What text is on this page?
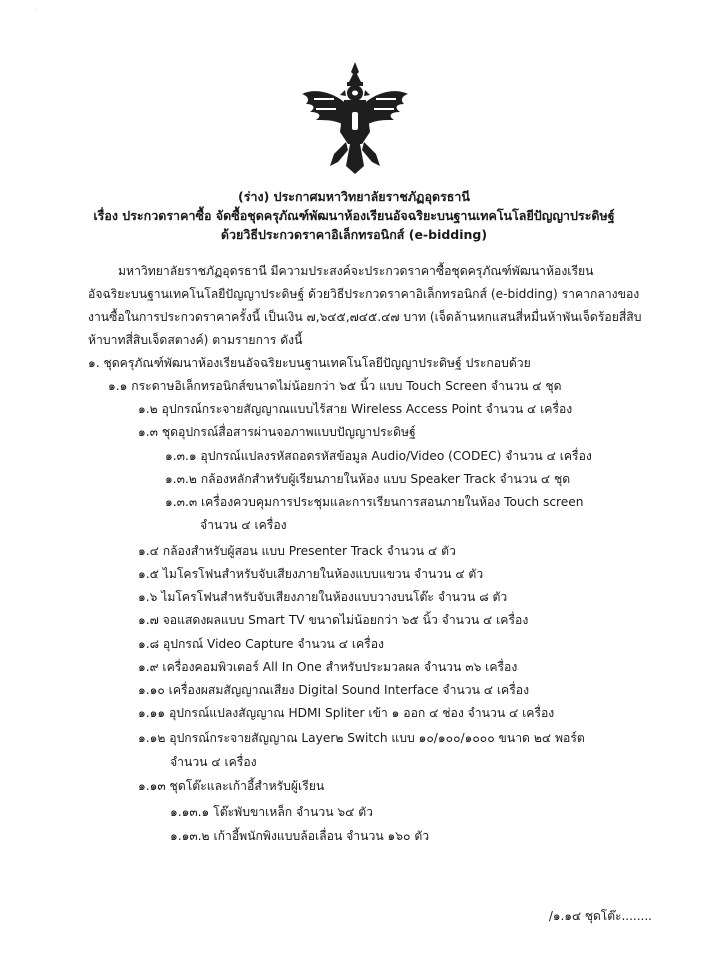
·
(ร่าง) ประกาศมหาวิทยาลัยราชภัฏอุดรธานี
เรื่อง ประกวดราคาซื้อ จัดซื้อชุดครุภัณฑ์พัฒนาห้องเรียนอัจฉริยะบนฐานเทคโนโลยีปัญญาประดิษฐ์
ด้วยวิธีประกวดราคาอิเล็กทรอนิกส์ (e-bidding)
มหาวิทยาลัยราชภัฏอุดรธานี มีความประสงค์จะประกวดราคาซื้อชุดครุภัณฑ์พัฒนาห้องเรียน
อัจฉริยะบนฐานเทคโนโลยีปัญญาประดิษฐ์ ด้วยวิธีประกวดราคาอิเล็กทรอนิกส์ (e-bidding) ราคากลางของ
งานซื้อในการประกวดราคาครั้งนี้ เป็นเงิน ๗,๖๔๕,๗๔๕.๔๗ บาท (เจ็ดล้านหกแสนสี่หมื่นห้าพันเจ็ดร้อยสี่สิบ
ห้าบาทสี่สิบเจ็ดสตางค์) ตามรายการ ดังนี้
๑. ชุดครุภัณฑ์พัฒนาห้องเรียนอัจฉริยะบนฐานเทคโนโลยีปัญญาประดิษฐ์ ประกอบด้วย
๑.๑ กระดาษอิเล็กทรอนิกส์ขนาดไม่น้อยกว่า ๖๕ นิ้ว แบบ Touch Screen จำนวน ๔ ชุด
๑.๒ อุปกรณ์กระจายสัญญาณแบบไร้สาย Wireless Access Point จำนวน ๔ เครื่อง
๑.๓ ชุดอุปกรณ์สื่อสารผ่านจอภาพแบบปัญญาประดิษฐ์
๑.๓.๑ อุปกรณ์แปลงรหัสถอดรหัสข้อมูล Audio/Video (CODEC) จำนวน ๔ เครื่อง
๑.๓.๒ กล้องหลักสำหรับผู้เรียนภายในห้อง แบบ Speaker Track จำนวน ๔ ชุด
๑.๓.๓ เครื่องควบคุมการประชุมและการเรียนการสอนภายในห้อง Touch screen
จำนวน ๔ เครื่อง
๑.๔ กล้องสำหรับผู้สอน แบบ Presenter Track จำนวน ๔ ตัว
๑.๕ ไมโครโฟนสำหรับจับเสียงภายในห้องแบบแขวน จำนวน ๔ ตัว
๑.๖ ไมโครโฟนสำหรับจับเสียงภายในห้องแบบวางบนโต๊ะ จำนวน ๘ ตัว
๑.๗ จอแสดงผลแบบ Smart TV ขนาดไม่น้อยกว่า ๖๕ นิ้ว จำนวน ๔ เครื่อง
๑.๘ อุปกรณ์ Video Capture จำนวน ๔ เครื่อง
๑.๙ เครื่องคอมพิวเตอร์ All In One สำหรับประมวลผล จำนวน ๓๖ เครื่อง
๑.๑๐ เครื่องผสมสัญญาณเสียง Digital Sound Interface จำนวน ๔ เครื่อง
๑.๑๑ อุปกรณ์แปลงสัญญาณ HDMI Spliter เข้า ๑ ออก ๔ ช่อง จำนวน ๔ เครื่อง
๑.๑๒ อุปกรณ์กระจายสัญญาณ Layer๒ Switch แบบ ๑๐/๑๐๐/๑๐๐๐ ขนาด ๒๔ พอร์ต
จำนวน ๔ เครื่อง
๑.๑๓ ชุดโต๊ะและเก้าอี้สำหรับผู้เรียน
๑.๑๓.๑ โต๊ะพับขาเหล็ก จำนวน ๖๔ ตัว
๑.๑๓.๒ เก้าอี้พนักพิงแบบล้อเลื่อน จำนวน ๑๖๐ ตัว
/๑.๑๔ ชุดโต๊ะ........
